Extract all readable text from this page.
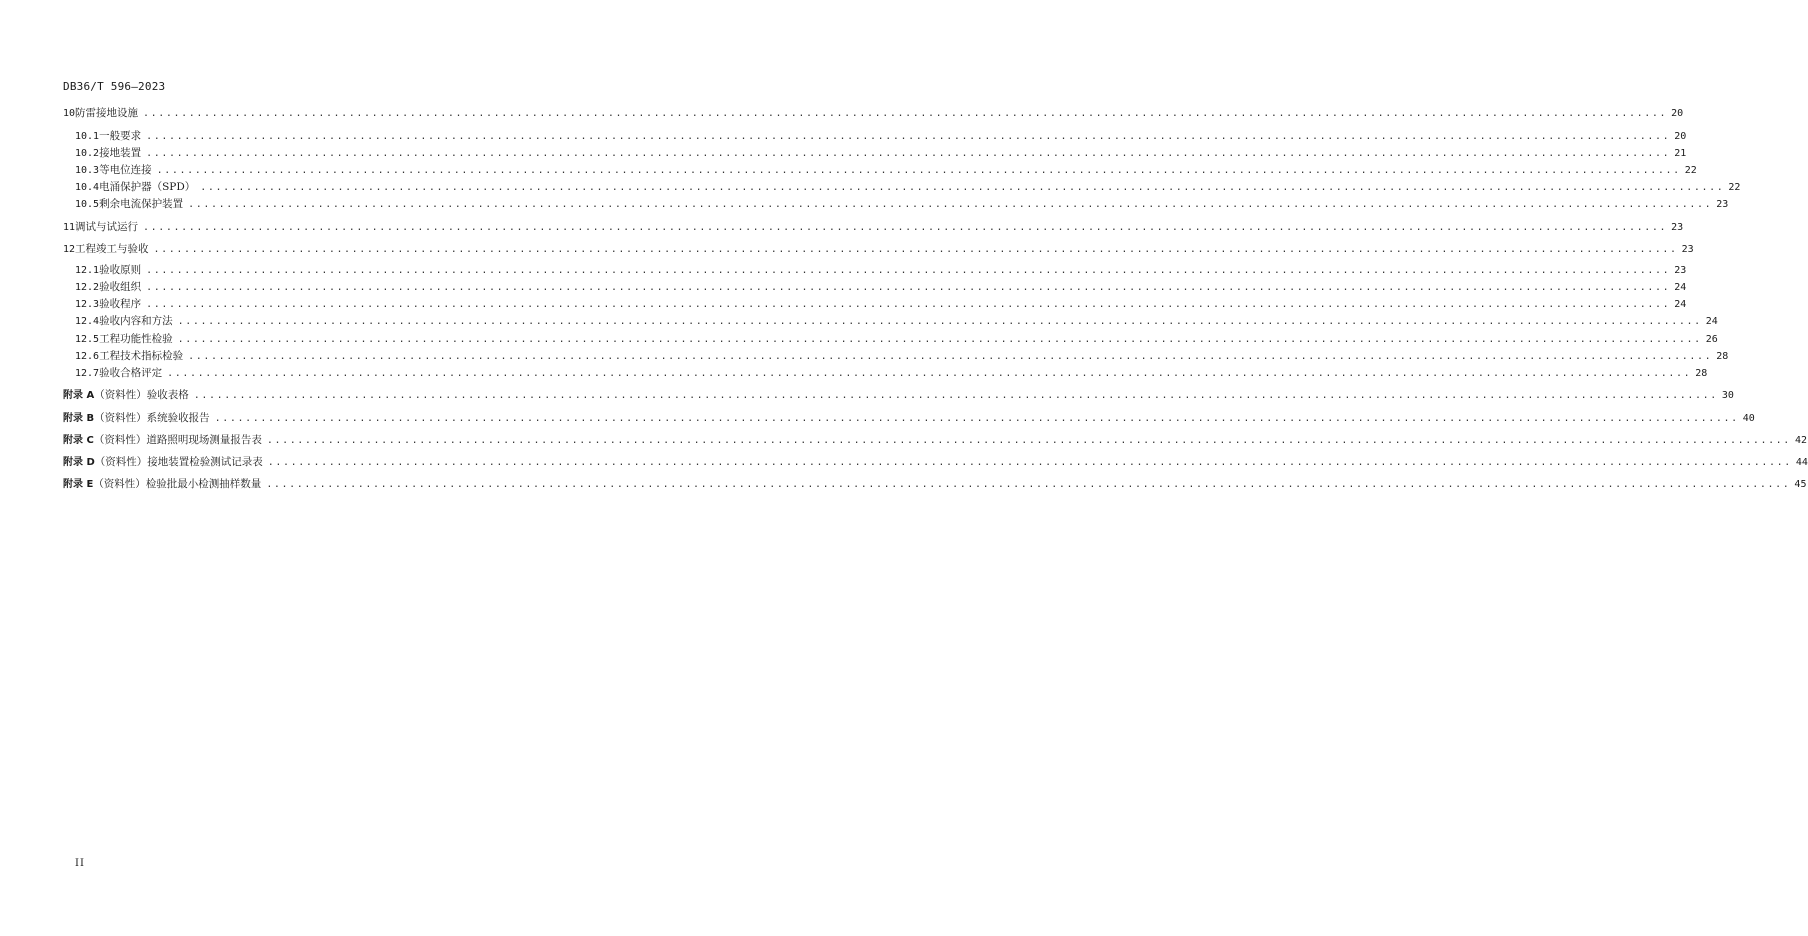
DB36/T 596—2023
10 防雷接地设施 ........................................................................................................................................................................................................ 20
10.1 一般要求 ........................................................................................................................................................................................................ 20
10.2 接地装置 ........................................................................................................................................................................................................ 21
10.3 等电位连接 ........................................................................................................................................................................................................ 22
10.4 电涌保护器（SPD） ........................................................................................................................................................................................................ 22
10.5 剩余电流保护装置 ........................................................................................................................................................................................................ 23
11 调试与试运行 ........................................................................................................................................................................................................ 23
12 工程竣工与验收 ........................................................................................................................................................................................................ 23
12.1 验收原则 ........................................................................................................................................................................................................ 23
12.2 验收组织 ........................................................................................................................................................................................................ 24
12.3 验收程序 ........................................................................................................................................................................................................ 24
12.4 验收内容和方法 ........................................................................................................................................................................................................ 24
12.5 工程功能性检验 ........................................................................................................................................................................................................ 26
12.6 工程技术指标检验 ........................................................................................................................................................................................................ 28
12.7 验收合格评定 ........................................................................................................................................................................................................ 28
附录 A （资料性） 验收表格 ........................................................................................................................................................................................................ 30
附录 B （资料性） 系统验收报告 ........................................................................................................................................................................................................ 40
附录 C （资料性） 道路照明现场测量报告表 ........................................................................................................................................................................................................ 42
附录 D （资料性） 接地装置检验测试记录表 ........................................................................................................................................................................................................ 44
附录 E （资料性） 检验批最小检测抽样数量 ........................................................................................................................................................................................................ 45
II
